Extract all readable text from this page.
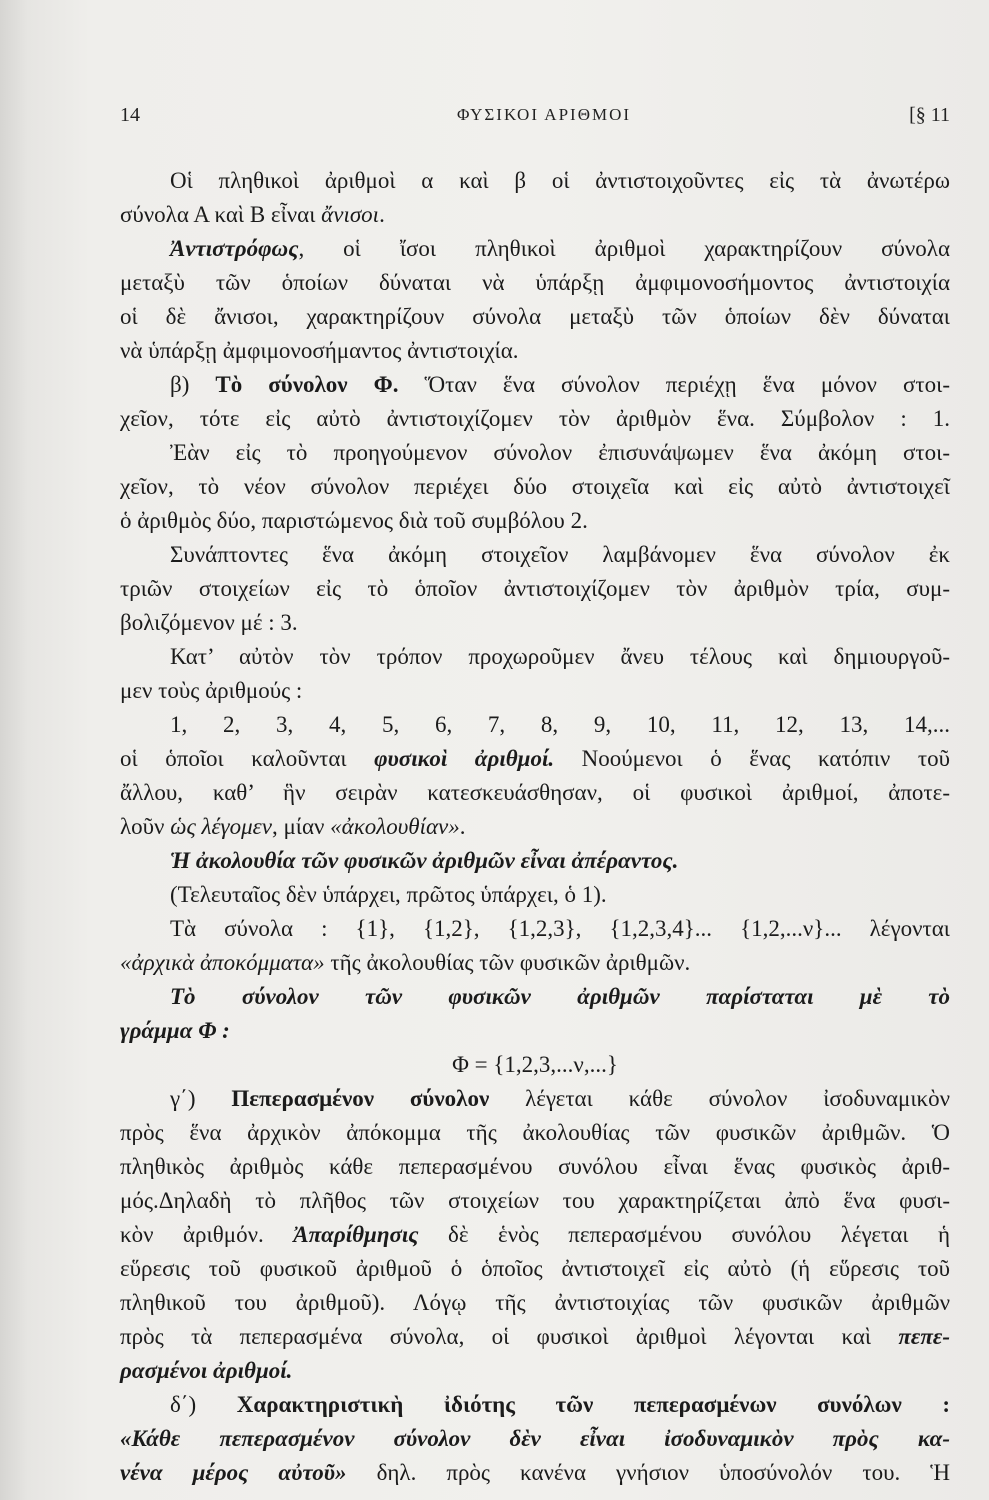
14	ΦΥΣΙΚΟΙ ΑΡΙΘΜΟΙ	[§ 11
Οἱ πληθικοὶ ἀριθμοὶ α καὶ β οἱ ἀντιστοιχοῦντες εἰς τὰ ἀνωτέρω
σύνολα Α καὶ Β εἶναι ἄνισοι.
Ἀντιστρόφως, οἱ ἴσοι πληθικοὶ ἀριθμοὶ χαρακτηρίζουν σύνολα
μεταξὺ τῶν ὁποίων δύναται νὰ ὑπάρξῃ ἀμφιμονοσήμοντος ἀντιστοιχία
οἱ δὲ ἄνισοι, χαρακτηρίζουν σύνολα μεταξὺ τῶν ὁποίων δὲν δύναται
νὰ ὑπάρξῃ ἀμφιμονοσήμαντος ἀντιστοιχία.
β) Τὸ σύνολον Φ. Ὅταν ἕνα σύνολον περιέχῃ ἕνα μόνον στοι-
χεῖον, τότε εἰς αὐτὸ ἀντιστοιχίζομεν τὸν ἀριθμὸν ἕνα. Σύμβολον : 1.
Ἐὰν εἰς τὸ προηγούμενον σύνολον ἐπισυνάψωμεν ἕνα ἀκόμη στοι-
χεῖον, τὸ νέον σύνολον περιέχει δύο στοιχεῖα καὶ εἰς αὐτὸ ἀντιστοιχεῖ
ὁ ἀριθμὸς δύο, παριστώμενος διὰ τοῦ συμβόλου 2.
Συνάπτοντες ἕνα ἀκόμη στοιχεῖον λαμβάνομεν ἕνα σύνολον ἐκ
τριῶν στοιχείων εἰς τὸ ὁποῖον ἀντιστοιχίζομεν τὸν ἀριθμὸν τρία, συμ-
βολιζόμενον μέ : 3.
Κατ’ αὐτὸν τὸν τρόπον προχωροῦμεν ἄνευ τέλους καὶ δημιουργοῦ-
μεν τοὺς ἀριθμούς :
1, 2, 3, 4, 5, 6, 7, 8, 9, 10, 11, 12, 13, 14,...
οἱ ὁποῖοι καλοῦνται φυσικοὶ ἀριθμοί. Νοούμενοι ὁ ἕνας κατόπιν τοῦ
ἄλλου, καθ’ ἣν σειρὰν κατεσκευάσθησαν, οἱ φυσικοὶ ἀριθμοί, ἀποτε-
λοῦν ὡς λέγομεν, μίαν «ἀκολουθίαν».
Ἡ ἀκολουθία τῶν φυσικῶν ἀριθμῶν εἶναι ἀπέραντος.
(Τελευταῖος δὲν ὑπάρχει, πρῶτος ὑπάρχει, ὁ 1).
Τὰ σύνολα : {1}, {1,2}, {1,2,3}, {1,2,3,4}... {1,2,...ν}... λέγονται
«ἀρχικὰ ἀποκόμματα» τῆς ἀκολουθίας τῶν φυσικῶν ἀριθμῶν.
Τὸ σύνολον τῶν φυσικῶν ἀριθμῶν παρίσταται μὲ τὸ
γράμμα Φ :
Φ = {1,2,3,...ν,...}
γ΄) Πεπερασμένον σύνολον λέγεται κάθε σύνολον ἰσοδυναμικὸν
πρὸς ἕνα ἀρχικὸν ἀπόκομμα τῆς ἀκολουθίας τῶν φυσικῶν ἀριθμῶν. Ὁ
πληθικὸς ἀριθμὸς κάθε πεπερασμένου συνόλου εἶναι ἕνας φυσικὸς ἀριθ-
μός.Δηλαδὴ τὸ πλῆθος τῶν στοιχείων του χαρακτηρίζεται ἀπὸ ἕνα φυσι-
κὸν ἀριθμόν. Ἀπαρίθμησις δὲ ἑνὸς πεπερασμένου συνόλου λέγεται ἡ
εὕρεσις τοῦ φυσικοῦ ἀριθμοῦ ὁ ὁποῖος ἀντιστοιχεῖ εἰς αὐτὸ (ἡ εὕρεσις τοῦ
πληθικοῦ του ἀριθμοῦ). Λόγῳ τῆς ἀντιστοιχίας τῶν φυσικῶν ἀριθμῶν
πρὸς τὰ πεπερασμένα σύνολα, οἱ φυσικοὶ ἀριθμοὶ λέγονται καὶ πεπε-
ρασμένοι ἀριθμοί.
δ΄) Χαρακτηριστικὴ ἰδιότης τῶν πεπερασμένων συνόλων :
«Κάθε πεπερασμένον σύνολον δὲν εἶναι ἰσοδυναμικὸν πρὸς κα-
νένα μέρος αὐτοῦ» δηλ. πρὸς κανένα γνήσιον ὑποσύνολόν του. Ἡ
